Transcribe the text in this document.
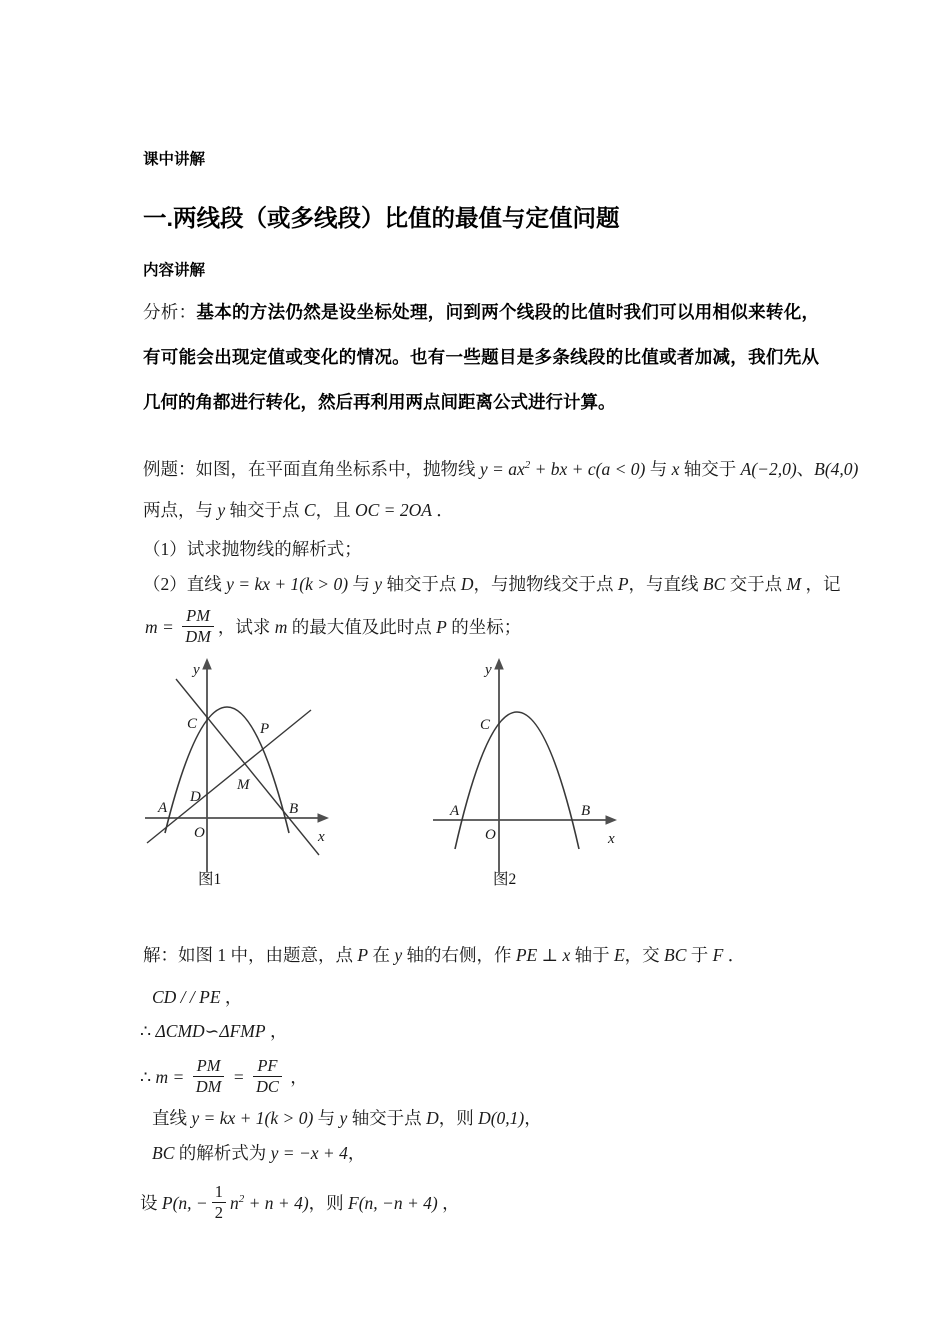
课中讲解
一.两线段（或多线段）比值的最值与定值问题
内容讲解

分析：基本的方法仍然是设坐标处理，问到两个线段的比值时我们可以用相似来转化，有可能会出现定值或变化的情况。也有一些题目是多条线段的比值或者加减，我们先从几何的角都进行转化，然后再利用两点间距离公式进行计算。

例题：如图，在平面直角坐标系中，抛物线 $y = ax^2$ + bx + c(a < 0) 与 x 轴交于 A(−2,0)、B(4,0)
两点，与 y 轴交于点 C，且 OC = 2OA ．
（1）试求抛物线的解析式；
（2）直线 y = kx + 1(k > 0) 与 y 轴交于点 D，与抛物线交于点 P，与直线 BC 交于点 M ，记
$m = \frac{PM}{DM}$ ，试求 m 的最大值及此时点 P 的坐标；
y
x
O
C	P
M
D
A	B
图1
y
x
O
C
A	B
图2
解：如图 1 中，由题意，点 P 在 y 轴的右侧，作 PE ⊥ x 轴于 E，交 BC 于 F ．
CD / / PE ，
∴ ΔCMD∽ΔFMP ，
∴ $m = \frac{PM}{DM} = \frac{PF}{DC}$ ，
直线 y = kx + 1(k > 0) 与 y 轴交于点 D，则 D(0,1)，
BC 的解析式为 y = −x + 4，
设 P(n, − $\frac{1}{2} n^2 + n + 4$)，则 F(n, −n + 4) ，
